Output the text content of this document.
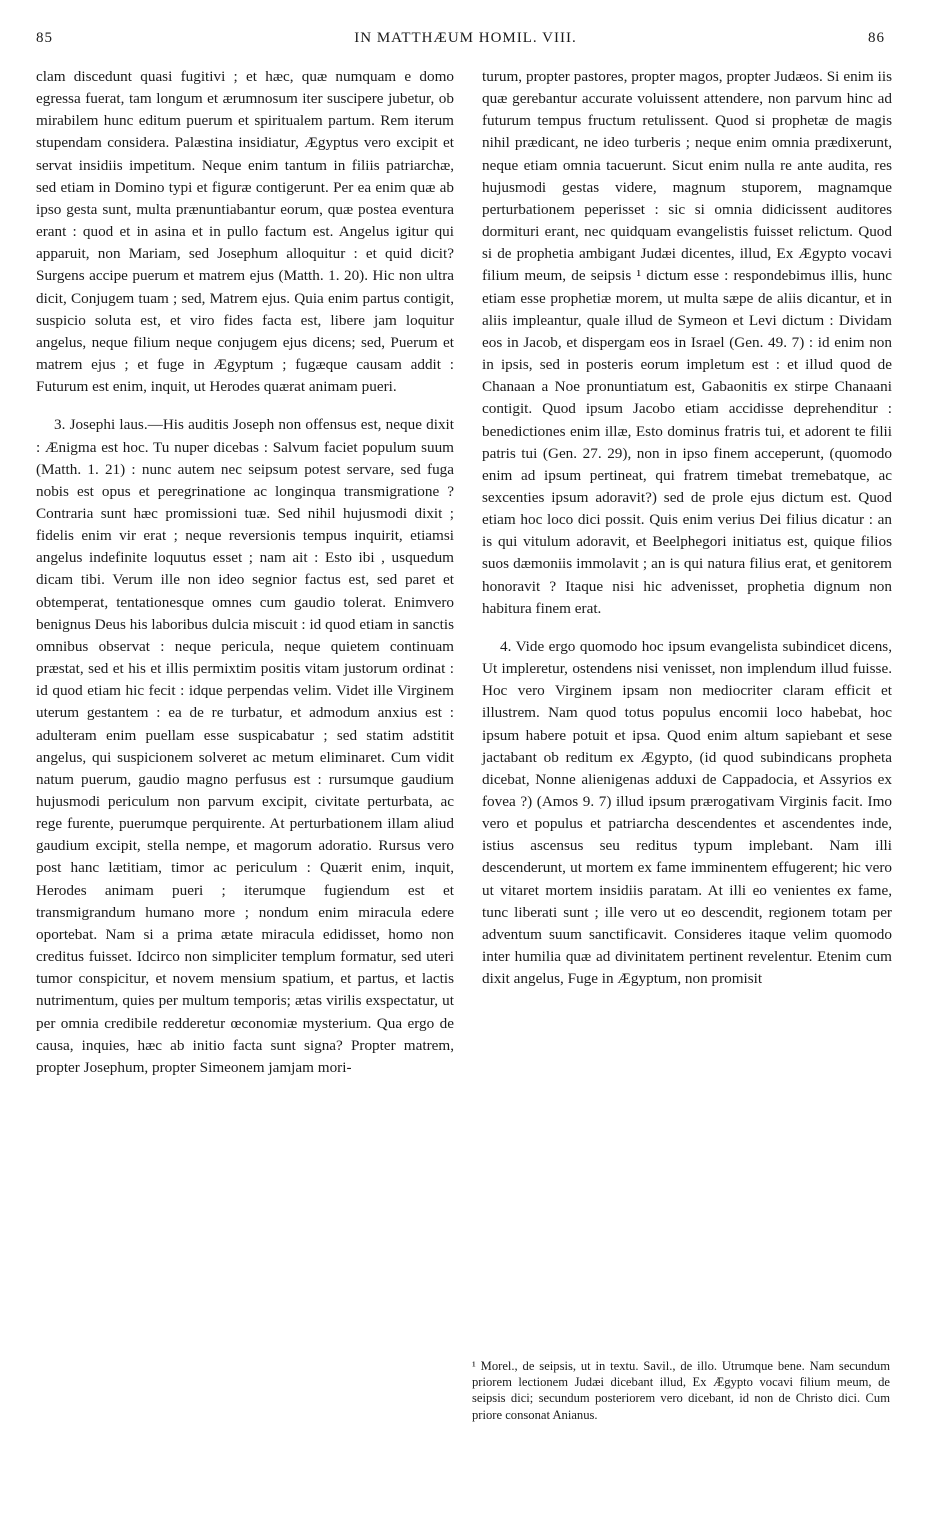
85	IN MATTHÆUM HOMIL. VIII.	86

clam discedunt quasi fugitivi ; et hæc, quæ numquam e domo egressa fuerat, tam longum et ærumnosum iter suscipere jubetur, ob mirabilem hunc editum puerum et spiritualem partum. Rem iterum stupendam considera. Palæstina insidiatur, Ægyptus vero excipit et servat insidiis impetitum. Neque enim tantum in filiis patriarchæ, sed etiam in Domino typi et figuræ contigerunt. Per ea enim quæ ab ipso gesta sunt, multa prænuntiabantur eorum, quæ postea eventura erant : quod et in asina et in pullo factum est. Angelus igitur qui apparuit, non Mariam, sed Josephum alloquitur : et quid dicit? Surgens accipe puerum et matrem ejus (Matth. 1. 20). Hic non ultra dicit, Conjugem tuam ; sed, Matrem ejus. Quia enim partus contigit, suspicio soluta est, et viro fides facta est, libere jam loquitur angelus, neque filium neque conjugem ejus dicens; sed, Puerum et matrem ejus ; et fuge in Ægyptum ; fugæque causam addit : Futurum est enim, inquit, ut Herodes quærat animam pueri.

3. Josephi laus.—His auditis Joseph non offensus est, neque dixit : Ænigma est hoc. Tu nuper dicebas : Salvum faciet populum suum (Matth. 1. 21) : nunc autem nec seipsum potest servare, sed fuga nobis est opus et peregrinatione ac longinqua transmigratione ? Contraria sunt hæc promissioni tuæ. Sed nihil hujusmodi dixit ; fidelis enim vir erat ; neque reversionis tempus inquirit, etiamsi angelus indefinite loquutus esset ; nam ait : Esto ibi , usquedum dicam tibi. Verum ille non ideo segnior factus est, sed paret et obtemperat, tentationesque omnes cum gaudio tolerat. Enimvero benignus Deus his laboribus dulcia miscuit : id quod etiam in sanctis omnibus observat : neque pericula, neque quietem continuam præstat, sed et his et illis permixtim positis vitam justorum ordinat : id quod etiam hic fecit : idque perpendas velim. Videt ille Virginem uterum gestantem : ea de re turbatur, et admodum anxius est : adulteram enim puellam esse suspicabatur ; sed statim adstitit angelus, qui suspicionem solveret ac metum eliminaret. Cum vidit natum puerum, gaudio magno perfusus est : rursumque gaudium hujusmodi periculum non parvum excipit, civitate perturbata, ac rege furente, puerumque perquirente. At perturbationem illam aliud gaudium excipit, stella nempe, et magorum adoratio. Rursus vero post hanc lætitiam, timor ac periculum : Quærit enim, inquit, Herodes animam pueri ; iterumque fugiendum est et transmigrandum humano more ; nondum enim miracula edere oportebat. Nam si a prima ætate miracula edidisset, homo non creditus fuisset. Idcirco non simpliciter templum formatur, sed uteri tumor conspicitur, et novem mensium spatium, et partus, et lactis nutrimentum, quies per multum temporis; ætas virilis exspectatur, ut per omnia credibile redderetur œconomiæ mysterium. Qua ergo de causa, inquies, hæc ab initio facta sunt signa? Propter matrem, propter Josephum, propter Simeonem jamjam mori-

turum, propter pastores, propter magos, propter Judæos. Si enim iis quæ gerebantur accurate voluissent attendere, non parvum hinc ad futurum tempus fructum retulissent. Quod si prophetæ de magis nihil prædicant, ne ideo turberis ; neque enim omnia prædixerunt, neque etiam omnia tacuerunt. Sicut enim nulla re ante audita, res hujusmodi gestas videre, magnum stuporem, magnamque perturbationem peperisset : sic si omnia didicissent auditores dormituri erant, nec quidquam evangelistis fuisset relictum. Quod si de prophetia ambigant Judæi dicentes, illud, Ex Ægypto vocavi filium meum, de seipsis ¹ dictum esse : respondebimus illis, hunc etiam esse prophetiæ morem, ut multa sæpe de aliis dicantur, et in aliis impleantur, quale illud de Symeon et Levi dictum : Dividam eos in Jacob, et dispergam eos in Israel (Gen. 49. 7) : id enim non in ipsis, sed in posteris eorum impletum est : et illud quod de Chanaan a Noe pronuntiatum est, Gabaonitis ex stirpe Chanaani contigit. Quod ipsum Jacobo etiam accidisse deprehenditur : benedictiones enim illæ, Esto dominus fratris tui, et adorent te filii patris tui (Gen. 27. 29), non in ipso finem acceperunt, (quomodo enim ad ipsum pertineat, qui fratrem timebat tremebatque, ac sexcenties ipsum adoravit?) sed de prole ejus dictum est. Quod etiam hoc loco dici possit. Quis enim verius Dei filius dicatur : an is qui vitulum adoravit, et Beelphegori initiatus est, quique filios suos dæmoniis immolavit ; an is qui natura filius erat, et genitorem honoravit ? Itaque nisi hic advenisset, prophetia dignum non habitura finem erat.

4. Vide ergo quomodo hoc ipsum evangelista subindicet dicens, Ut impleretur, ostendens nisi venisset, non implendum illud fuisse. Hoc vero Virginem ipsam non mediocriter claram efficit et illustrem. Nam quod totus populus encomii loco habebat, hoc ipsum habere potuit et ipsa. Quod enim altum sapiebant et sese jactabant ob reditum ex Ægypto, (id quod subindicans propheta dicebat, Nonne alienigenas adduxi de Cappadocia, et Assyrios ex fovea ?) (Amos 9. 7) illud ipsum prærogativam Virginis facit. Imo vero et populus et patriarcha descendentes et ascendentes inde, istius ascensus seu reditus typum implebant. Nam illi descenderunt, ut mortem ex fame imminentem effugerent; hic vero ut vitaret mortem insidiis paratam. At illi eo venientes ex fame, tunc liberati sunt ; ille vero ut eo descendit, regionem totam per adventum suum sanctificavit. Consideres itaque velim quomodo inter humilia quæ ad divinitatem pertinent revelentur. Etenim cum dixit angelus, Fuge in Ægyptum, non promisit

¹ Morel., de seipsis, ut in textu. Savil., de illo. Utrumque bene. Nam secundum priorem lectionem Judæi dicebant illud, Ex Ægypto vocavi filium meum, de seipsis dici; secundum posteriorem vero dicebant, id non de Christo dici. Cum priore consonat Anianus.
